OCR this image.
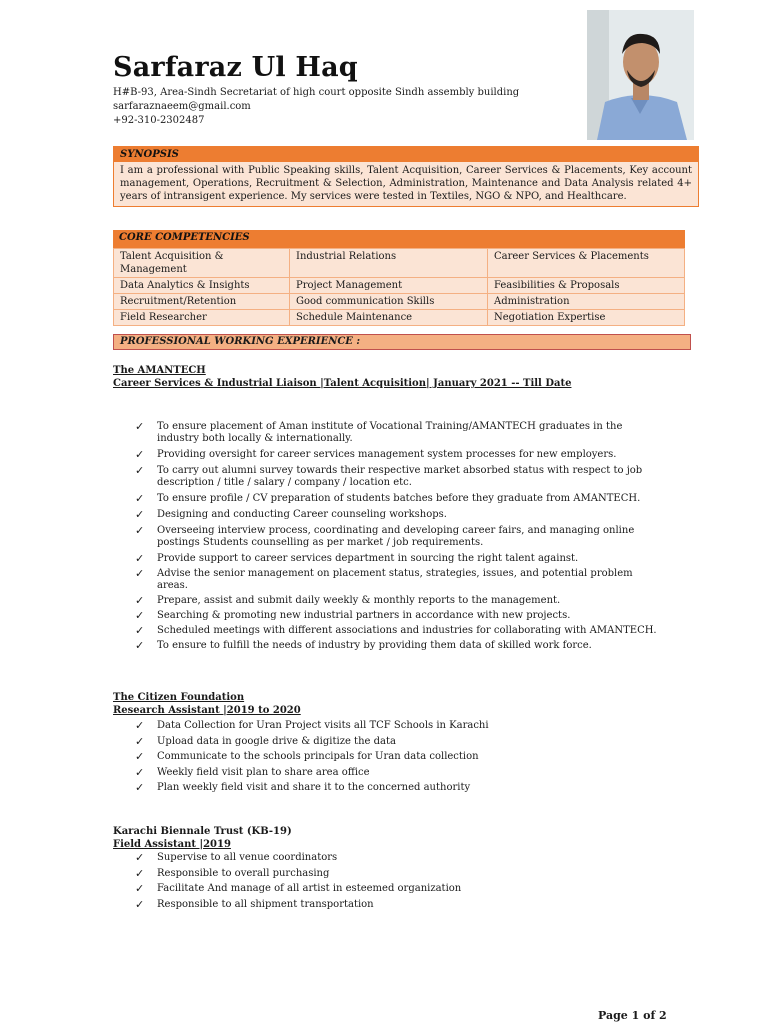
Sarfaraz Ul Haq
H#B-93, Area-Sindh Secretariat of high court opposite Sindh assembly building
sarfaraznaeem@gmail.com
+92-310-2302487
SYNOPSIS
I am a professional with Public Speaking skills, Talent Acquisition, Career Services & Placements, Key account management, Operations, Recruitment & Selection, Administration, Maintenance and Data Analysis related 4+ years of intransigent experience. My services were tested in Textiles, NGO & NPO, and Healthcare.
CORE COMPETENCIES
Talent Acquisition & Management	Industrial Relations	Career Services & Placements
Data Analytics & Insights	Project Management	Feasibilities & Proposals
Recruitment/Retention	Good communication Skills	Administration
Field Researcher	Schedule Maintenance	Negotiation Expertise
PROFESSIONAL WORKING EXPERIENCE :
The AMANTECH
Career Services & Industrial Liaison |Talent Acquisition| January 2021 -- Till Date
✓ To ensure placement of Aman institute of Vocational Training/AMANTECH graduates in the industry both locally & internationally.
✓ Providing oversight for career services management system processes for new employers.
✓ To carry out alumni survey towards their respective market absorbed status with respect to job description / title / salary / company / location etc.
✓ To ensure profile / CV preparation of students batches before they graduate from AMANTECH.
✓ Designing and conducting Career counseling workshops.
✓ Overseeing interview process, coordinating and developing career fairs, and managing online postings Students counselling as per market / job requirements.
✓ Provide support to career services department in sourcing the right talent against.
✓ Advise the senior management on placement status, strategies, issues, and potential problem areas.
✓ Prepare, assist and submit daily weekly & monthly reports to the management.
✓ Searching & promoting new industrial partners in accordance with new projects.
✓ Scheduled meetings with different associations and industries for collaborating with AMANTECH.
✓ To ensure to fulfill the needs of industry by providing them data of skilled work force.
The Citizen Foundation
Research Assistant |2019 to 2020
✓ Data Collection for Uran Project visits all TCF Schools in Karachi
✓ Upload data in google drive & digitize the data
✓ Communicate to the schools principals for Uran data collection
✓ Weekly field visit plan to share area office
✓ Plan weekly field visit and share it to the concerned authority
Karachi Biennale Trust (KB-19)
Field Assistant |2019
✓ Supervise to all venue coordinators
✓ Responsible to overall purchasing
✓ Facilitate And manage of all artist in esteemed organization
✓ Responsible to all shipment transportation
Page 1 of 2
